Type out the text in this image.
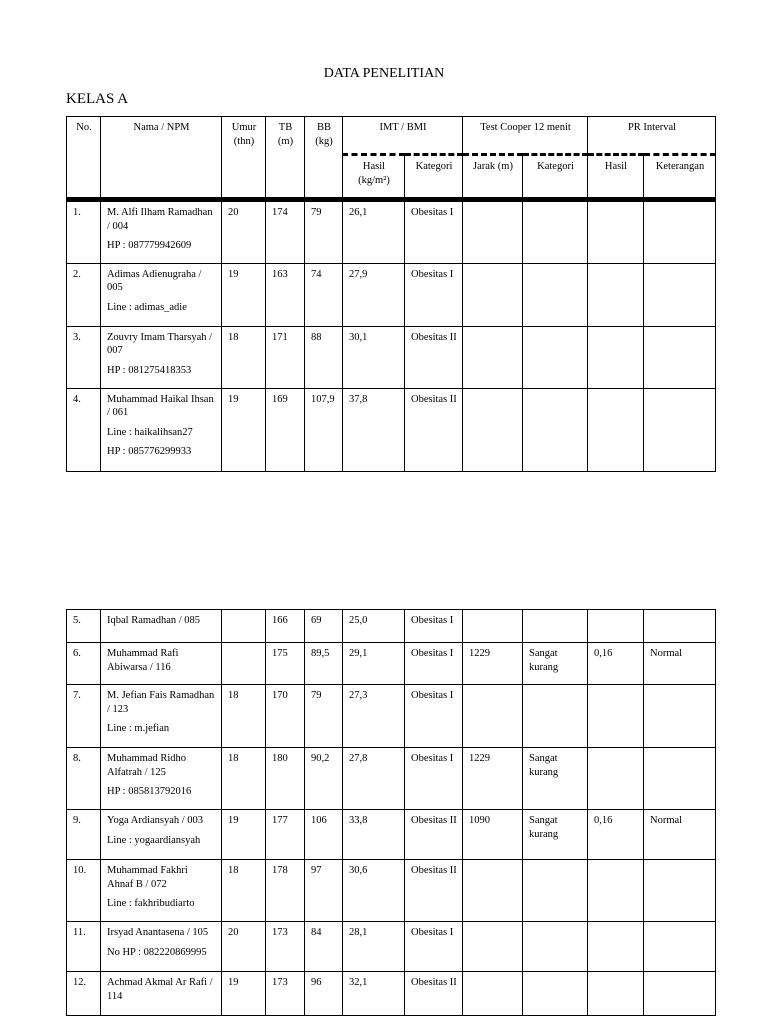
DATA PENELITIAN
KELAS A
No.	Nama / NPM	Umur (thn)	TB (m)	BB (kg)	IMT / BMI		Test Cooper 12 menit		PR Interval	
					Hasil (kg/m²)	Kategori	Jarak (m)	Kategori	Hasil	Keterangan

1.	M. Alfi Ilham Ramadhan / 004
HP : 087779942609	20	174	79	26,1	Obesitas I				
2.	Adimas Adienugraha / 005
Line : adimas_adie	19	163	74	27,9	Obesitas I				
3.	Zouvry Imam Tharsyah / 007
HP : 081275418353	18	171	88	30,1	Obesitas II				
4.	Muhammad Haikal Ihsan / 061
Line : haikalihsan27
HP : 085776299933	19	169	107,9	37,8	Obesitas II				
5.	Iqbal Ramadhan / 085		166	69	25,0	Obesitas I				
6.	Muhammad Rafi Abiwarsa / 116		175	89,5	29,1	Obesitas I	1229	Sangat kurang	0,16	Normal
7.	M. Jefian Fais Ramadhan / 123
Line : m.jefian	18	170	79	27,3	Obesitas I				
8.	Muhammad Ridho Alfatrah / 125
HP : 085813792016	18	180	90,2	27,8	Obesitas I	1229	Sangat kurang		
9.	Yoga Ardiansyah / 003
Line : yogaardiansyah	19	177	106	33,8	Obesitas II	1090	Sangat kurang	0,16	Normal
10.	Muhammad Fakhri Ahnaf B / 072
Line : fakhribudiarto	18	178	97	30,6	Obesitas II				
11.	Irsyad Anantasena / 105
No HP : 082220869995	20	173	84	28,1	Obesitas I				
12.	Achmad Akmal Ar Rafi / 114	19	173	96	32,1	Obesitas II				
